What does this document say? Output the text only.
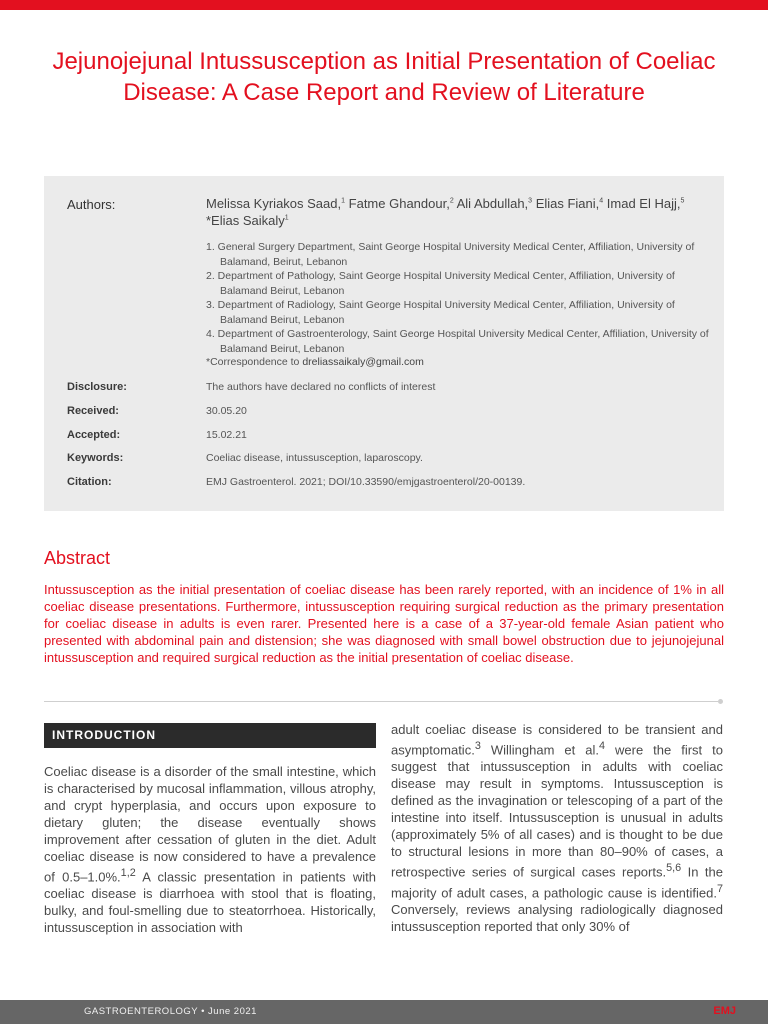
Jejunojejunal Intussusception as Initial Presentation of Coeliac Disease: A Case Report and Review of Literature
Authors:	Melissa Kyriakos Saad,$^1$ Fatme Ghandour,$^2$ Ali Abdullah,$^3$ Elias Fiani,$^4$ Imad El Hajj,$^5$ *Elias Saikaly$^1$
1. General Surgery Department, Saint George Hospital University Medical Center, Affiliation, University of Balamand, Beirut, Lebanon
2. Department of Pathology, Saint George Hospital University Medical Center, Affiliation, University of Balamand Beirut, Lebanon
3. Department of Radiology, Saint George Hospital University Medical Center, Affiliation, University of Balamand Beirut, Lebanon
4. Department of Gastroenterology, Saint George Hospital University Medical Center, Affiliation, University of Balamand Beirut, Lebanon
*Correspondence to dreliassaikaly@gmail.com
Disclosure:	The authors have declared no conflicts of interest
Received:	30.05.20
Accepted:	15.02.21
Keywords:	Coeliac disease, intussusception, laparoscopy.
Citation:	EMJ Gastroenterol. 2021; DOI/10.33590/emjgastroenterol/20-00139.
Abstract

Intussusception as the initial presentation of coeliac disease has been rarely reported, with an incidence of 1% in all coeliac disease presentations. Furthermore, intussusception requiring surgical reduction as the primary presentation for coeliac disease in adults is even rarer. Presented here is a case of a 37-year-old female Asian patient who presented with abdominal pain and distension; she was diagnosed with small bowel obstruction due to jejunojejunal intussusception and required surgical reduction as the initial presentation of coeliac disease.

INTRODUCTION

Coeliac disease is a disorder of the small intestine, which is characterised by mucosal inflammation, villous atrophy, and crypt hyperplasia, and occurs upon exposure to dietary gluten; the disease eventually shows improvement after cessation of gluten in the diet. Adult coeliac disease is now considered to have a prevalence of 0.5–1.0%.$^{1,2}$ A classic presentation in patients with coeliac disease is diarrhoea with stool that is floating, bulky, and foul-smelling due to steatorrhoea. Historically, intussusception in association with

adult coeliac disease is considered to be transient and asymptomatic.$^3$ Willingham et al.$^4$ were the first to suggest that intussusception in adults with coeliac disease may result in symptoms. Intussusception is defined as the invagination or telescoping of a part of the intestine into itself. Intussusception is unusual in adults (approximately 5% of all cases) and is thought to be due to structural lesions in more than 80–90% of cases, a retrospective series of surgical cases reports.$^{5,6}$ In the majority of adult cases, a pathologic cause is identified.$^7$ Conversely, reviews analysing radiologically diagnosed intussusception reported that only 30% of

GASTROENTEROLOGY • June 2021	EMJ
